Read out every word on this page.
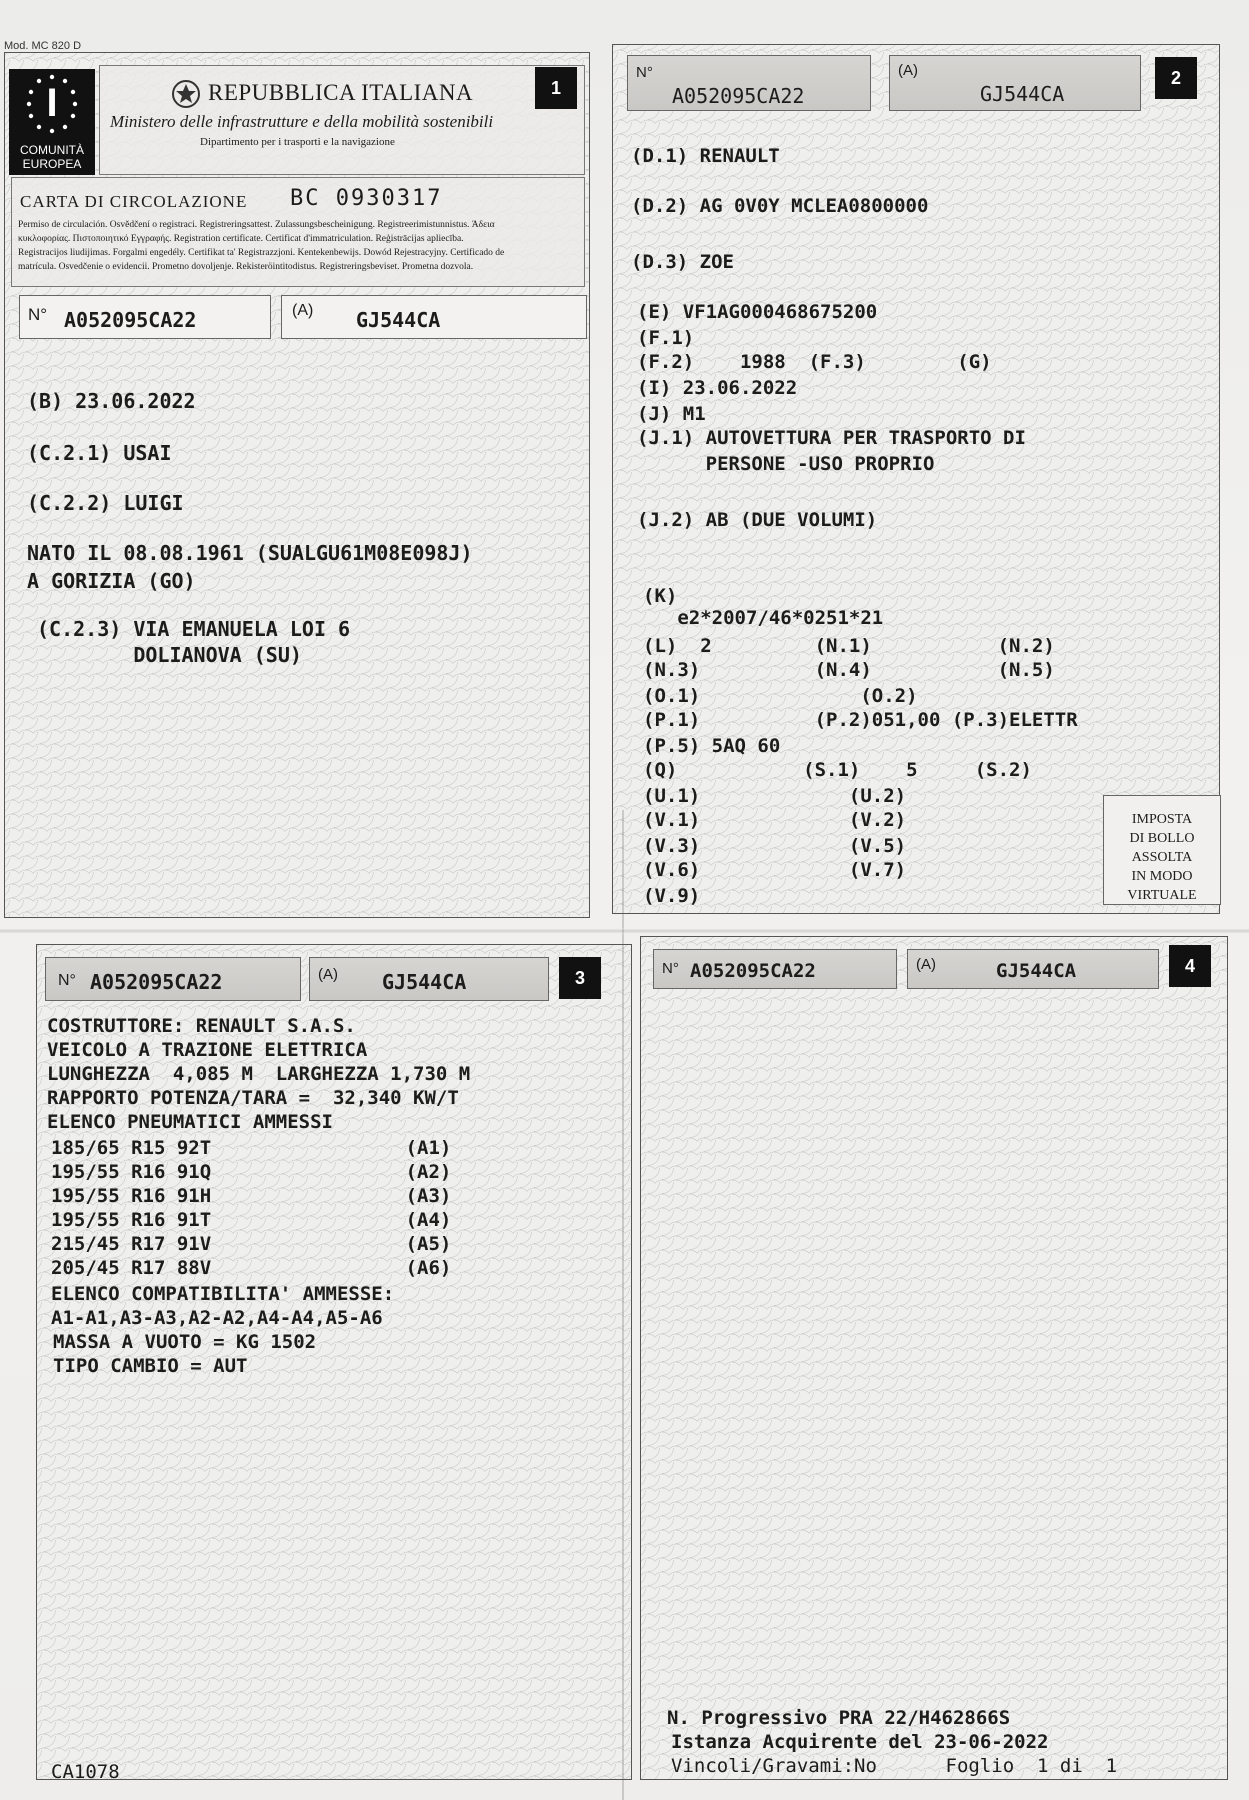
Mod. MC 820 D
I
COMUNITÀ
EUROPEA
REPUBBLICA ITALIANA
Ministero delle infrastrutture e della mobilità sostenibili
Dipartimento per i trasporti e la navigazione
1
CARTA DI CIRCOLAZIONE BC 0930317
Permiso de circulación. Osvědčení o registraci. Registreringsattest. Zulassungsbescheinigung. Registreerimistunnistus. Άδεια
κυκλοφορίας. Πιστοποιητικό Εγγραφής. Registration certificate. Certificat d'immatriculation. Reģistrācijas apliecība.
Registracijos liudijimas. Forgalmi engedély. Certifikat ta' Registrazzjoni. Kentekenbewijs. Dowód Rejestracyjny. Certificado de
matrícula. Osvedčenie o evidencii. Prometno dovoljenje. Rekisteröintitodistus. Registreringsbeviset. Prometna dozvola.
N° A052095CA22	(A) GJ544CA
(B) 23.06.2022
(C.2.1) USAI
(C.2.2) LUIGI
NATO IL 08.08.1961 (SUALGU61M08E098J)
A GORIZIA (GO)
(C.2.3) VIA EMANUELA LOI 6
DOLIANOVA (SU)
N°
A052095CA22
(A)
GJ544CA
2
(D.1) RENAULT
(D.2) AG 0V0Y MCLEA0800000
(D.3) ZOE
(E) VF1AG000468675200
(F.1)
(F.2)    1988  (F.3)        (G)
(I) 23.06.2022
(J) M1
(J.1) AUTOVETTURA PER TRASPORTO DI
PERSONE -USO PROPRIO
(J.2) AB (DUE VOLUMI)
(K)
e2*2007/46*0251*21
(L)  2         (N.1)           (N.2)
(N.3)          (N.4)           (N.5)
(O.1)              (O.2)
(P.1)          (P.2)051,00 (P.3)ELETTR
(P.5) 5AQ 60
(Q)           (S.1)    5     (S.2)
(U.1)             (U.2)
(V.1)             (V.2)
(V.3)             (V.5)
(V.6)             (V.7)
(V.9)
IMPOSTA
DI BOLLO
ASSOLTA
IN MODO
VIRTUALE
N° A052095CA22	(A) GJ544CA	3
COSTRUTTORE: RENAULT S.A.S.
VEICOLO A TRAZIONE ELETTRICA
LUNGHEZZA  4,085 M  LARGHEZZA 1,730 M
RAPPORTO POTENZA/TARA =  32,340 KW/T
ELENCO PNEUMATICI AMMESSI
185/65 R15 92T                 (A1)
195/55 R16 91Q                 (A2)
195/55 R16 91H                 (A3)
195/55 R16 91T                 (A4)
215/45 R17 91V                 (A5)
205/45 R17 88V                 (A6)
ELENCO COMPATIBILITA' AMMESSE:
A1-A1,A3-A3,A2-A2,A4-A4,A5-A6
MASSA A VUOTO = KG 1502
TIPO CAMBIO = AUT
CA1078
N° A052095CA22	(A)	GJ544CA	4
N. Progressivo PRA 22/H462866S
Istanza Acquirente del 23-06-2022
Vincoli/Gravami:No      Foglio  1 di  1
